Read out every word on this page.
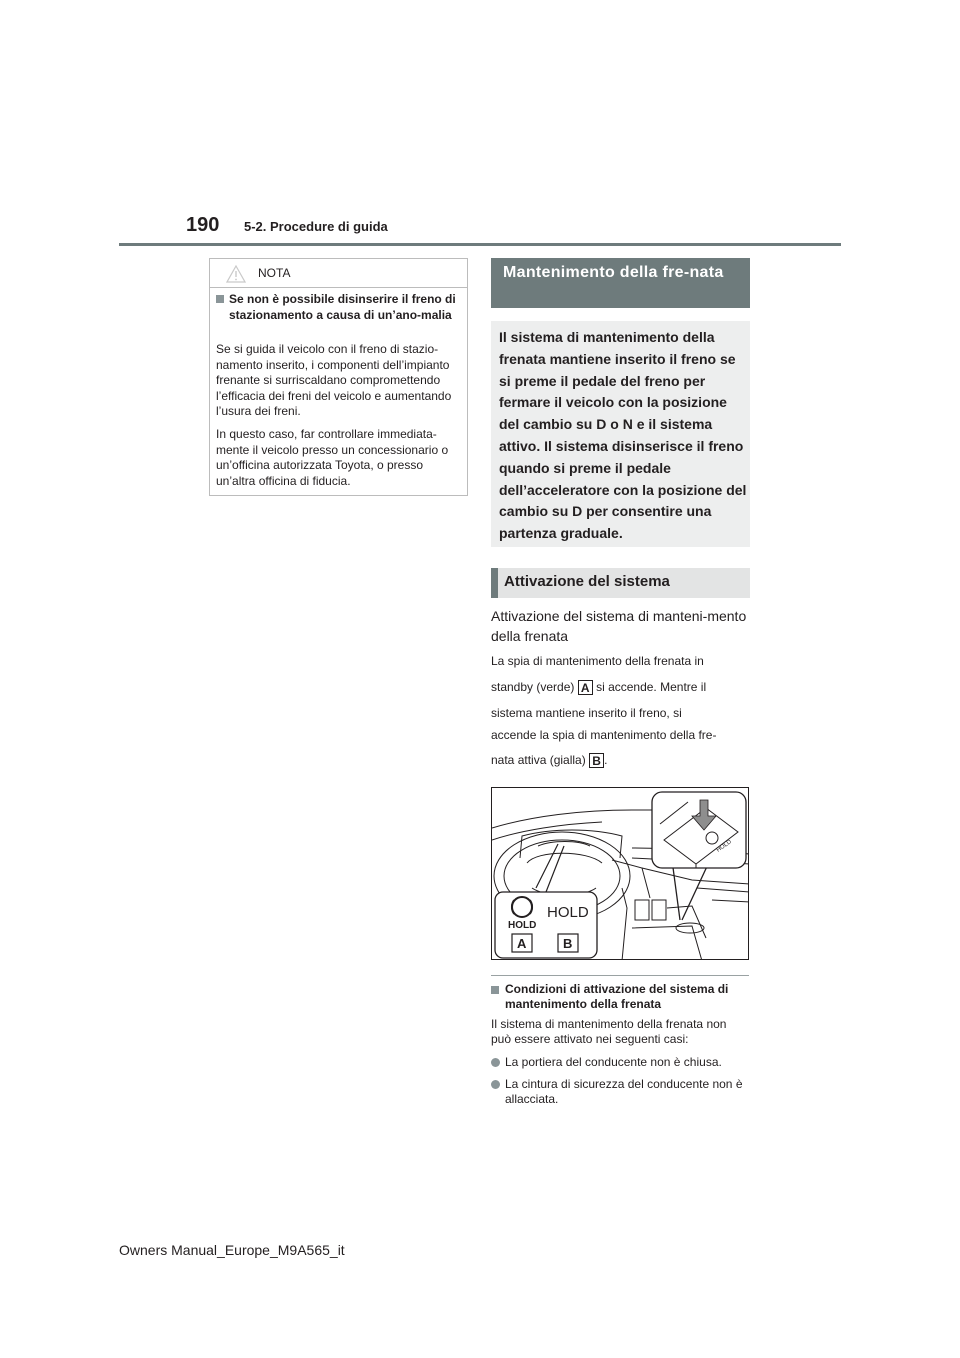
190 5-2. Procedure di guida
NOTA
Se non è possibile disinserire il freno di stazionamento a causa di un’ano-malia
Se si guida il veicolo con il freno di stazio-namento inserito, i componenti dell’impianto frenante si surriscaldano compromettendo l’efficacia dei freni del veicolo e aumentando l’usura dei freni.
In questo caso, far controllare immediata-mente il veicolo presso un concessionario o un’officina autorizzata Toyota, o presso un’altra officina di fiducia.
Mantenimento della fre-nata
Il sistema di mantenimento della frenata mantiene inserito il freno se si preme il pedale del freno per fermare il veicolo con la posizione del cambio su D o N e il sistema attivo. Il sistema disinserisce il freno quando si preme il pedale dell’acceleratore con la posizione del cambio su D per consentire una partenza graduale.
Attivazione del sistema
Attivazione del sistema di manteni-mento della frenata
La spia di mantenimento della frenata in
standby (verde) A si accende. Mentre il
sistema mantiene inserito il freno, si
accende la spia di mantenimento della fre-
nata attiva (gialla) B .
HOLD
HOLD
HOLD
A	B
Condizioni di attivazione del sistema di mantenimento della frenata
Il sistema di mantenimento della frenata non può essere attivato nei seguenti casi:
La portiera del conducente non è chiusa.
La cintura di sicurezza del conducente non è allacciata.
Owners Manual_Europe_M9A565_it
